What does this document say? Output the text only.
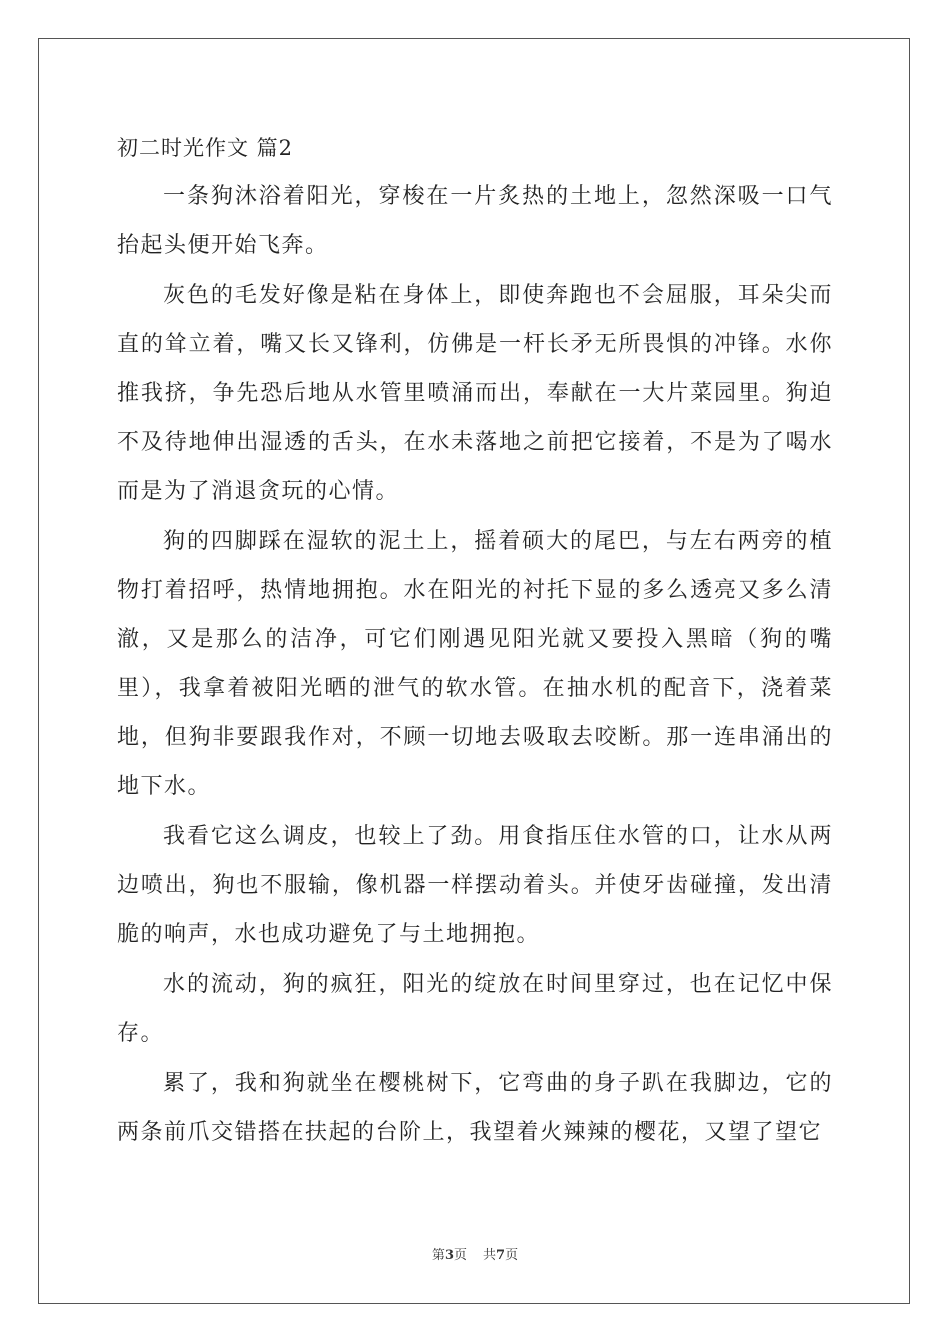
初二时光作文 篇2

一条狗沐浴着阳光，穿梭在一片炙热的土地上，忽然深吸一口气抬起头便开始飞奔。

灰色的毛发好像是粘在身体上，即使奔跑也不会屈服，耳朵尖而直的耸立着，嘴又长又锋利，仿佛是一杆长矛无所畏惧的冲锋。水你推我挤，争先恐后地从水管里喷涌而出，奉献在一大片菜园里。狗迫不及待地伸出湿透的舌头，在水未落地之前把它接着，不是为了喝水而是为了消退贪玩的心情。

狗的四脚踩在湿软的泥土上，摇着硕大的尾巴，与左右两旁的植物打着招呼，热情地拥抱。水在阳光的衬托下显的多么透亮又多么清澈，又是那么的洁净，可它们刚遇见阳光就又要投入黑暗（狗的嘴里），我拿着被阳光晒的泄气的软水管。在抽水机的配音下，浇着菜地，但狗非要跟我作对，不顾一切地去吸取去咬断。那一连串涌出的地下水。

我看它这么调皮，也较上了劲。用食指压住水管的口，让水从两边喷出，狗也不服输，像机器一样摆动着头。并使牙齿碰撞，发出清脆的响声，水也成功避免了与土地拥抱。

水的流动，狗的疯狂，阳光的绽放在时间里穿过，也在记忆中保存。

累了，我和狗就坐在樱桃树下，它弯曲的身子趴在我脚边，它的两条前爪交错搭在扶起的台阶上，我望着火辣辣的樱花，又望了望它

第3页 共7页
